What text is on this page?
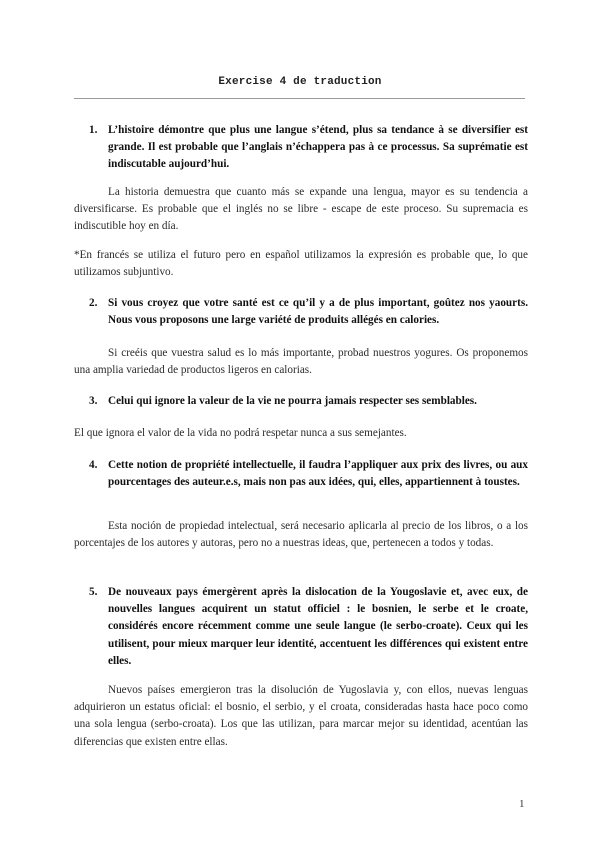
Exercise 4 de traduction
1. L’histoire démontre que plus une langue s’étend, plus sa tendance à se diversifier est grande. Il est probable que l’anglais n’échappera pas à ce processus. Sa suprématie est indiscutable aujourd’hui.
La historia demuestra que cuanto más se expande una lengua, mayor es su tendencia a diversificarse. Es probable que el inglés no se libre - escape de este proceso. Su supremacia es indiscutible hoy en día.
*En francés se utiliza el futuro pero en español utilizamos la expresión es probable que, lo que utilizamos subjuntivo.
2. Si vous croyez que votre santé est ce qu’il y a de plus important, goûtez nos yaourts. Nous vous proposons une large variété de produits allégés en calories.
Si creéis que vuestra salud es lo más importante, probad nuestros yogures. Os proponemos una amplia variedad de productos ligeros en calorias.
3. Celui qui ignore la valeur de la vie ne pourra jamais respecter ses semblables.
El que ignora el valor de la vida no podrá respetar nunca a sus semejantes.
4. Cette notion de propriété intellectuelle, il faudra l’appliquer aux prix des livres, ou aux pourcentages des auteur.e.s, mais non pas aux idées, qui, elles, appartiennent à toustes.
Esta noción de propiedad intelectual, será necesario aplicarla al precio de los libros, o a los porcentajes de los autores y autoras, pero no a nuestras ideas, que, pertenecen a todos y todas.
5. De nouveaux pays émergèrent après la dislocation de la Yougoslavie et, avec eux, de nouvelles langues acquirent un statut officiel : le bosnien, le serbe et le croate, considérés encore récemment comme une seule langue (le serbo-croate). Ceux qui les utilisent, pour mieux marquer leur identité, accentuent les différences qui existent entre elles.
Nuevos países emergieron tras la disolución de Yugoslavia y, con ellos, nuevas lenguas adquirieron un estatus oficial: el bosnio, el serbio, y el croata, consideradas hasta hace poco como una sola lengua (serbo-croata). Los que las utilizan, para marcar mejor su identidad, acentúan las diferencias que existen entre ellas.
1
